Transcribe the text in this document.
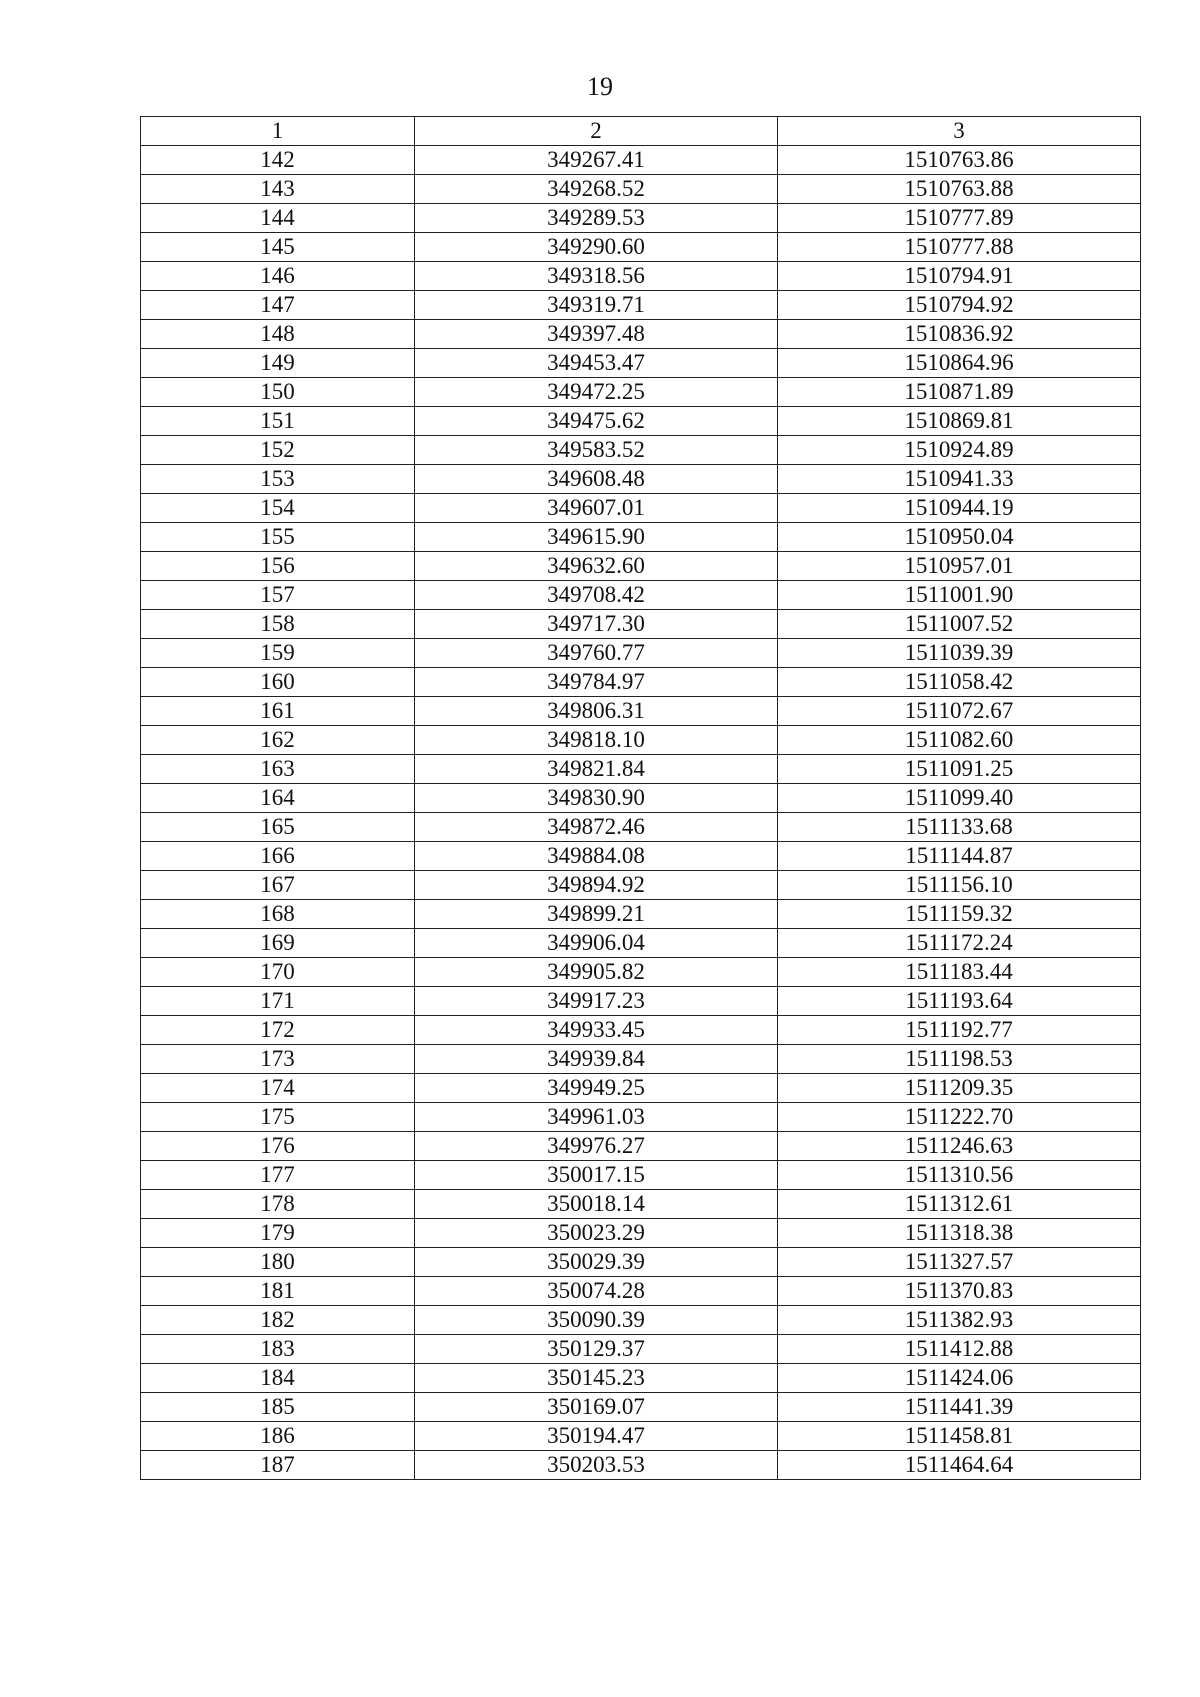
19
1	2	3
142	349267.41	1510763.86
143	349268.52	1510763.88
144	349289.53	1510777.89
145	349290.60	1510777.88
146	349318.56	1510794.91
147	349319.71	1510794.92
148	349397.48	1510836.92
149	349453.47	1510864.96
150	349472.25	1510871.89
151	349475.62	1510869.81
152	349583.52	1510924.89
153	349608.48	1510941.33
154	349607.01	1510944.19
155	349615.90	1510950.04
156	349632.60	1510957.01
157	349708.42	1511001.90
158	349717.30	1511007.52
159	349760.77	1511039.39
160	349784.97	1511058.42
161	349806.31	1511072.67
162	349818.10	1511082.60
163	349821.84	1511091.25
164	349830.90	1511099.40
165	349872.46	1511133.68
166	349884.08	1511144.87
167	349894.92	1511156.10
168	349899.21	1511159.32
169	349906.04	1511172.24
170	349905.82	1511183.44
171	349917.23	1511193.64
172	349933.45	1511192.77
173	349939.84	1511198.53
174	349949.25	1511209.35
175	349961.03	1511222.70
176	349976.27	1511246.63
177	350017.15	1511310.56
178	350018.14	1511312.61
179	350023.29	1511318.38
180	350029.39	1511327.57
181	350074.28	1511370.83
182	350090.39	1511382.93
183	350129.37	1511412.88
184	350145.23	1511424.06
185	350169.07	1511441.39
186	350194.47	1511458.81
187	350203.53	1511464.64
